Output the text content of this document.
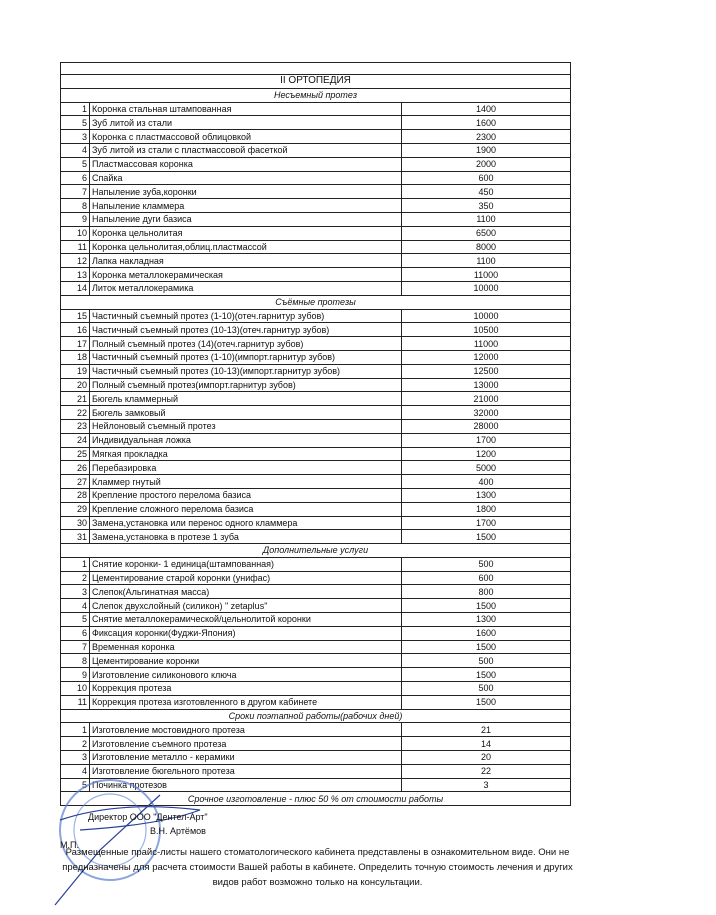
II ОРТОПЕДИЯ		
Несъемный протез		
1	Коронка стальная штампованная	1400
5	Зуб литой из стали	1600
3	Коронка с пластмассовой облицовкой	2300
4	Зуб литой из стали с пластмассовой фасеткой	1900
5	Пластмассовая коронка	2000
6	Спайка	600
7	Напыление зуба,коронки	450
8	Напыление кламмера	350
9	Напыление дуги базиса	1100
10	Коронка цельнолитая	6500
11	Коронка цельнолитая,облиц.пластмассой	8000
12	Лапка накладная	1100
13	Коронка металлокерамическая	11000
14	Литок металлокерамика	10000
Съёмные протезы		
15	Частичный съемный протез (1-10)(отеч.гарнитур зубов)	10000
16	Частичный съемный протез (10-13)(отеч.гарнитур зубов)	10500
17	Полный съемный протез (14)(отеч.гарнитур зубов)	11000
18	Частичный съемный протез (1-10)(импорт.гарнитур зубов)	12000
19	Частичный съемный протез (10-13)(импорт.гарнитур зубов)	12500
20	Полный съемный протез(импорт.гарнитур зубов)	13000
21	Бюгель кламмерный	21000
22	Бюгель замковый	32000
23	Нейлоновый съемный протез	28000
24	Индивидуальная ложка	1700
25	Мягкая прокладка	1200
26	Перебазировка	5000
27	Кламмер гнутый	400
28	Крепление простого перелома базиса	1300
29	Крепление сложного перелома базиса	1800
30	Замена,установка или перенос одного кламмера	1700
31	Замена,установка в протезе 1 зуба	1500
Дополнительные услуги		
1	Снятие коронки- 1 единица(штампованная)	500
2	Цементирование старой коронки (унифас)	600
3	Слепок(Альгинатная масса)	800
4	Слепок двухслойный (силикон) " zetaplus"	1500
5	Снятие металлокерамической/цельнолитой коронки	1300
6	Фиксация коронки(Фуджи-Япония)	1600
7	Временная коронка	1500
8	Цементирование коронки	500
9	Изготовление силиконового ключа	1500
10	Коррекция протеза	500
11	Коррекция протеза изготовленного в другом кабинете	1500
Сроки поэтапной работы(рабочих дней)		
1	Изготовление мостовидного протеза	21
2	Изготовление съемного протеза	14
3	Изготовление металло - керамики	20
4	Изготовление бюгельного протеза	22
5	Починка протезов	3
Срочное изготовление - плюс 50 % от стоимости работы		
Директор ООО "Дентел-Арт"
В.Н. Артёмов
М.П.
Размещенные прайс-листы нашего стоматологического кабинета представлены в ознакомительном виде. Они не предназначены для расчета стоимости Вашей работы в кабинете. Определить точную стоимость лечения и других видов работ возможно только на консультации.
